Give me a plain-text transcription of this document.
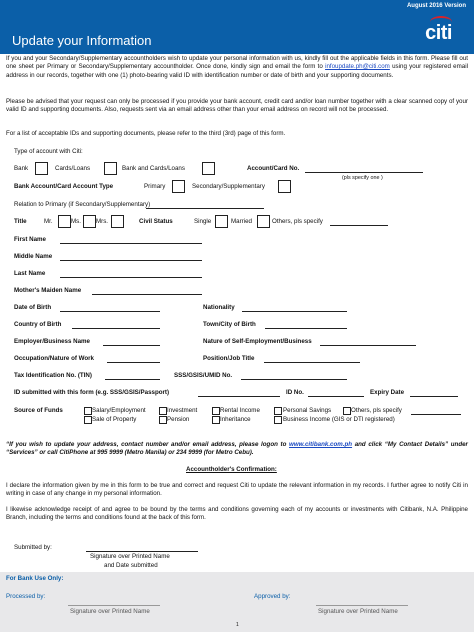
August 2016 Version
Update your Information	citi

If you and your Secondary/Supplementary accountholders wish to update your personal information with us, kindly fill out the applicable fields in this form. Please fill out one sheet per Primary or Secondary/Supplementary accountholder. Once done, kindly sign and email the form to infoupdate.ph@citi.com using your registered email address in our records, together with one (1) photo-bearing valid ID with identification number or date of birth and your supporting documents.

Please be advised that your request can only be processed if you provide your bank account, credit card and/or loan number together with a clear scanned copy of your valid ID and supporting documents. Also, requests sent via an email address other than your email address on record will not be processed.

For a list of acceptable IDs and supporting documents, please refer to the third (3rd) page of this form.

Type of account with Citi:
Bank	Cards/Loans	Bank and Cards/Loans	Account/Card No.
(pls specify one )
Bank Account/Card Account Type	Primary	Secondary/Supplementary
Relation to Primary (if Secondary/Supplementary)
Title	Mr.	Ms. Mrs.	Civil Status	Single	Married	Others, pls specify
First Name
Middle Name
Last Name
Mother's Maiden Name
Date of Birth	Nationality
Country of Birth	Town/City of Birth
Employer/Business Name	Nature of Self-Employment/Business
Occupation/Nature of Work	Position/Job Title
Tax Identification No. (TIN)	SSS/GSIS/UMID No.
ID submitted with this form (e.g. SSS/GSIS/Passport)	ID No.	Expiry Date
Source of Funds	Salary/Employment	Investment	Rental Income	Personal Savings	Others, pls specify
Sale of Property	Pension	Inheritance	Business Income (GIS or DTI registered)

“If you wish to update your address, contact number and/or email address, please logon to www.citibank.com.ph and click “My Contact Details” under “Services” or call CitiPhone at 995 9999 (Metro Manila) or 234 9999 (for Metro Cebu).

Accountholder's Confirmation:

I declare the information given by me in this form to be true and correct and request Citi to update the relevant information in my records. I further agree to notify Citi in writing in case of any change in my personal information.

I likewise acknowledge receipt of and agree to be bound by the terms and conditions governing each of my accounts or investments with Citibank, N.A. Philippine Branch, including the terms and conditions found at the back of this form.

Submitted by:
Signature over Printed Name
and Date submitted
For Bank Use Only:
Processed by:
Signature over Printed Name
Approved by:
Signature over Printed Name
1
